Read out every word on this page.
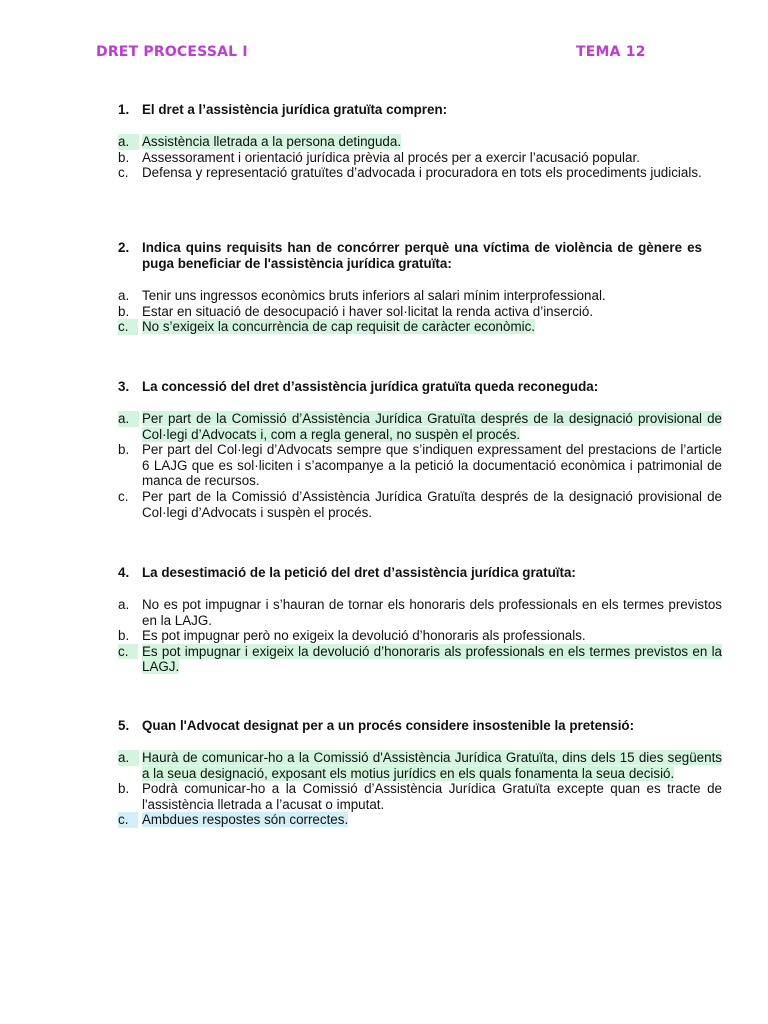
DRET PROCESSAL I	TEMA 12
1. El dret a l’assistència jurídica gratuïta compren:
a. Assistència lletrada a la persona detinguda.
b. Assessorament i orientació jurídica prèvia al procés per a exercir l’acusació popular.
c. Defensa y representació gratuïtes d’advocada i procuradora en tots els procediments judicials.
2. Indica quins requisits han de concórrer perquè una víctima de violència de gènere es puga beneficiar de l'assistència jurídica gratuïta:
a. Tenir uns ingressos econòmics bruts inferiors al salari mínim interprofessional.
b. Estar en situació de desocupació i haver sol·licitat la renda activa d’inserció.
c.	No s’exigeix la concurrència de cap requisit de caràcter econòmic.
3. La concessió del dret d’assistència jurídica gratuïta queda reconeguda:
a. Per part de la Comissió d’Assistència Jurídica Gratuïta després de la designació provisional de Col·legi d’Advocats i, com a regla general, no suspèn el procés.
b. Per part del Col·legi d’Advocats sempre que s’indiquen expressament del prestacions de l’article 6 LAJG que es sol·liciten i s’acompanye a la petició la documentació econòmica i patrimonial de manca de recursos.
c. Per part de la Comissió d’Assistència Jurídica Gratuïta després de la designació provisional de Col·legi d’Advocats i suspèn el procés.
4. La desestimació de la petició del dret d’assistència jurídica gratuïta:
a. No es pot impugnar i s’hauran de tornar els honoraris dels professionals en els termes previstos en la LAJG.
b. Es pot impugnar però no exigeix la devolució d’honoraris als professionals.
c.	Es pot impugnar i exigeix la devolució d’honoraris als professionals en els termes previstos en la LAGJ.
5. Quan l'Advocat designat per a un procés considere insostenible la pretensió:
a. Haurà de comunicar-ho a la Comissió d'Assistència Jurídica Gratuïta, dins dels 15 dies següents a la seua designació, exposant els motius jurídics en els quals fonamenta la seua decisió.
b. Podrà comunicar-ho a la Comissió d’Assistència Jurídica Gratuïta excepte quan es tracte de l'assistència lletrada a l’acusat o imputat.
c.	Ambdues respostes són correctes.
